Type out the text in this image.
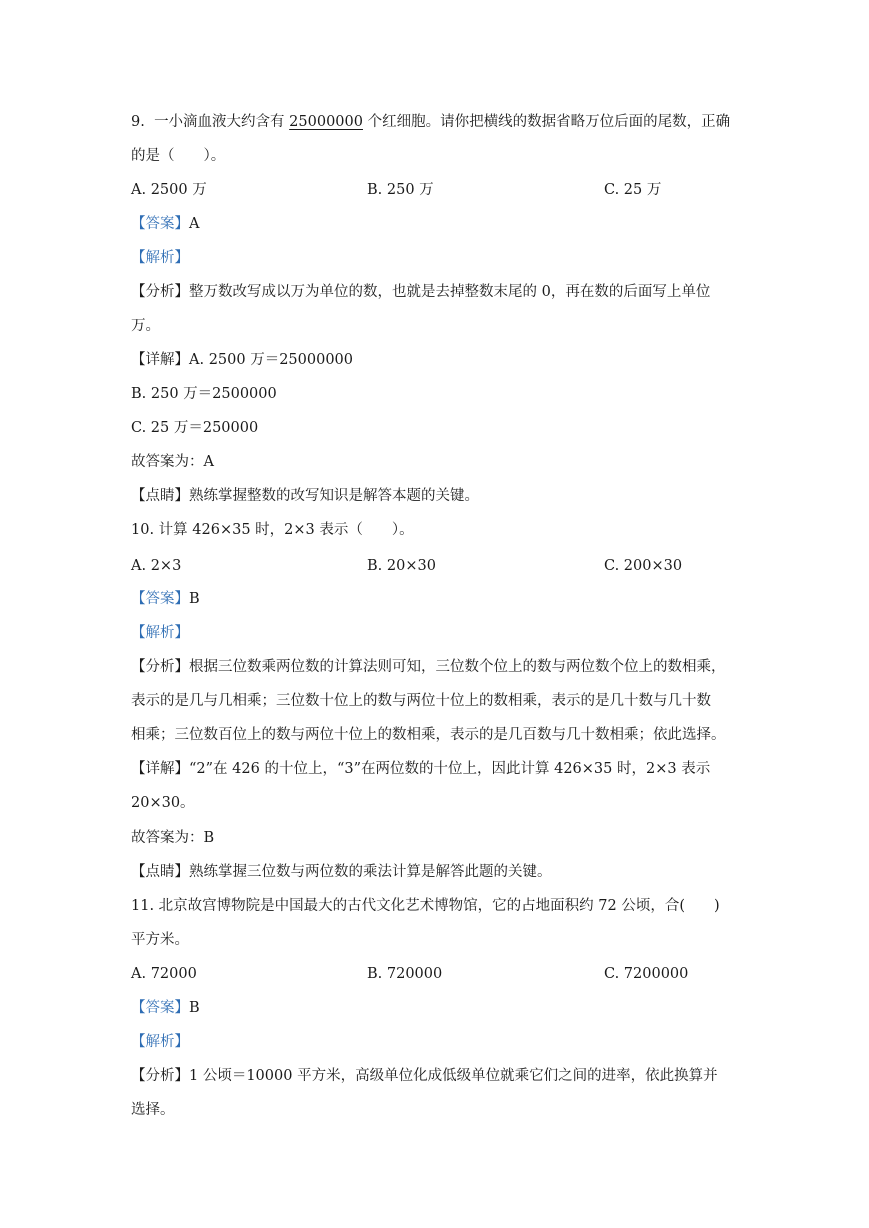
9. 一小滴血液大约含有 25000000 个红细胞。请你把横线的数据省略万位后面的尾数，正确
的是（　　）。
A. 2500 万	B. 250 万	C. 25 万
【答案】A
【解析】
【分析】整万数改写成以万为单位的数，也就是去掉整数末尾的 0，再在数的后面写上单位
万。
【详解】A. 2500 万＝25000000
B. 250 万＝2500000
C. 25 万＝250000
故答案为：A
【点睛】熟练掌握整数的改写知识是解答本题的关键。
10. 计算 426×35 时，2×3 表示（　　）。
A. 2×3	B. 20×30	C. 200×30
【答案】B
【解析】
【分析】根据三位数乘两位数的计算法则可知，三位数个位上的数与两位数个位上的数相乘，
表示的是几与几相乘；三位数十位上的数与两位十位上的数相乘，表示的是几十数与几十数
相乘；三位数百位上的数与两位十位上的数相乘，表示的是几百数与几十数相乘；依此选择。
【详解】“2”在 426 的十位上，“3”在两位数的十位上，因此计算 426×35 时，2×3 表示
20×30。
故答案为：B
【点睛】熟练掌握三位数与两位数的乘法计算是解答此题的关键。
11. 北京故宫博物院是中国最大的古代文化艺术博物馆，它的占地面积约 72 公顷，合(　　)
平方米。
A. 72000	B. 720000	C. 7200000
【答案】B
【解析】
【分析】1 公顷＝10000 平方米，高级单位化成低级单位就乘它们之间的进率，依此换算并
选择。
